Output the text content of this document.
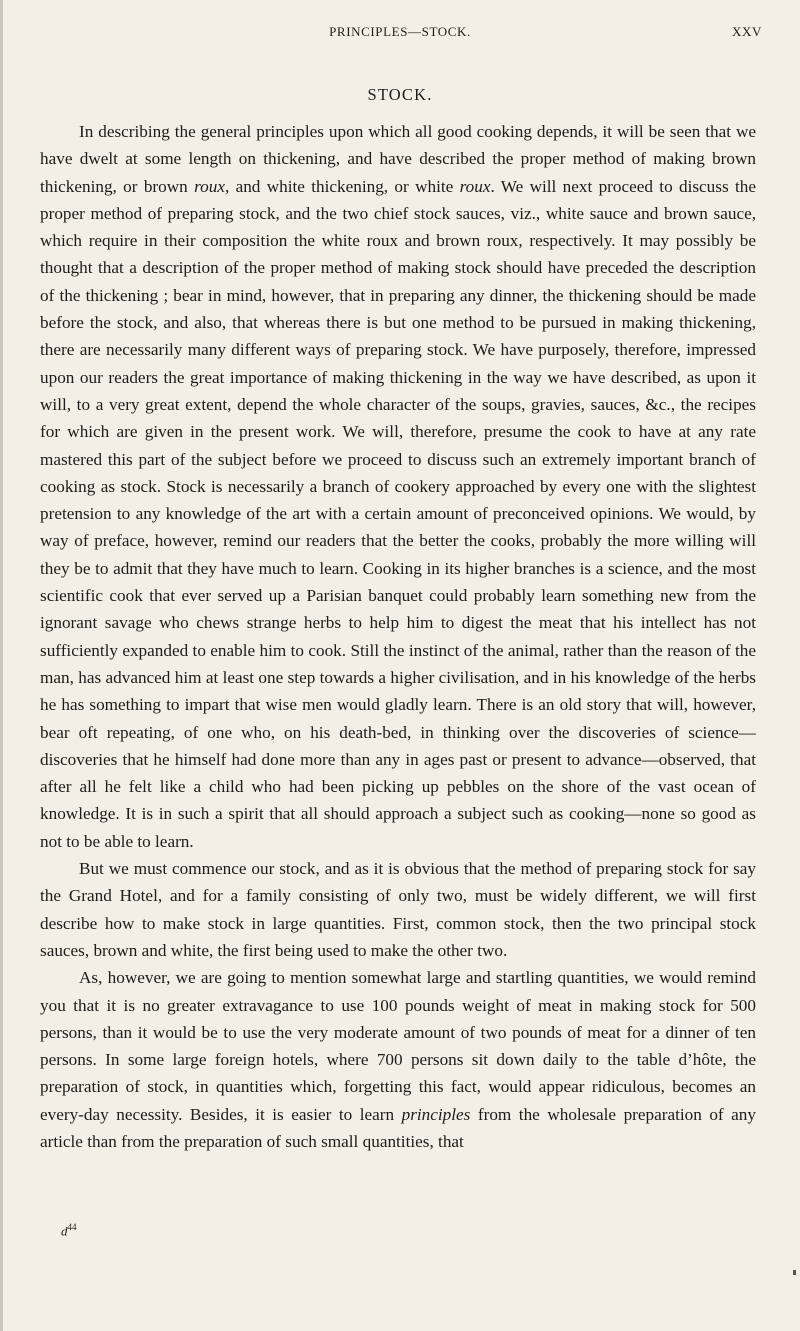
PRINCIPLES—STOCK.	XXV
STOCK.

In describing the general principles upon which all good cooking depends, it will be seen that we have dwelt at some length on thickening, and have described the proper method of making brown thickening, or brown roux, and white thickening, or white roux. We will next proceed to discuss the proper method of preparing stock, and the two chief stock sauces, viz., white sauce and brown sauce, which require in their composition the white roux and brown roux, respectively. It may possibly be thought that a description of the proper method of making stock should have preceded the description of the thickening ; bear in mind, however, that in preparing any dinner, the thickening should be made before the stock, and also, that whereas there is but one method to be pursued in making thickening, there are necessarily many different ways of preparing stock. We have purposely, therefore, impressed upon our readers the great importance of making thickening in the way we have described, as upon it will, to a very great extent, depend the whole character of the soups, gravies, sauces, &c., the recipes for which are given in the present work. We will, therefore, presume the cook to have at any rate mastered this part of the subject before we proceed to discuss such an extremely important branch of cooking as stock. Stock is necessarily a branch of cookery approached by every one with the slightest pretension to any knowledge of the art with a certain amount of preconceived opinions. We would, by way of preface, however, remind our readers that the better the cooks, probably the more willing will they be to admit that they have much to learn. Cooking in its higher branches is a science, and the most scientific cook that ever served up a Parisian banquet could probably learn something new from the ignorant savage who chews strange herbs to help him to digest the meat that his intellect has not sufficiently expanded to enable him to cook. Still the instinct of the animal, rather than the reason of the man, has advanced him at least one step towards a higher civilisation, and in his knowledge of the herbs he has something to impart that wise men would gladly learn. There is an old story that will, however, bear oft repeating, of one who, on his death-bed, in thinking over the discoveries of science—discoveries that he himself had done more than any in ages past or present to advance—observed, that after all he felt like a child who had been picking up pebbles on the shore of the vast ocean of knowledge. It is in such a spirit that all should approach a subject such as cooking—none so good as not to be able to learn.

But we must commence our stock, and as it is obvious that the method of preparing stock for say the Grand Hotel, and for a family consisting of only two, must be widely different, we will first describe how to make stock in large quantities. First, common stock, then the two principal stock sauces, brown and white, the first being used to make the other two.

As, however, we are going to mention somewhat large and startling quantities, we would remind you that it is no greater extravagance to use 100 pounds weight of meat in making stock for 500 persons, than it would be to use the very moderate amount of two pounds of meat for a dinner of ten persons. In some large foreign hotels, where 700 persons sit down daily to the table d’hôte, the preparation of stock, in quantities which, forgetting this fact, would appear ridiculous, becomes an every-day necessity. Besides, it is easier to learn principles from the wholesale preparation of any article than from the preparation of such small quantities, that

$d^{44}$
